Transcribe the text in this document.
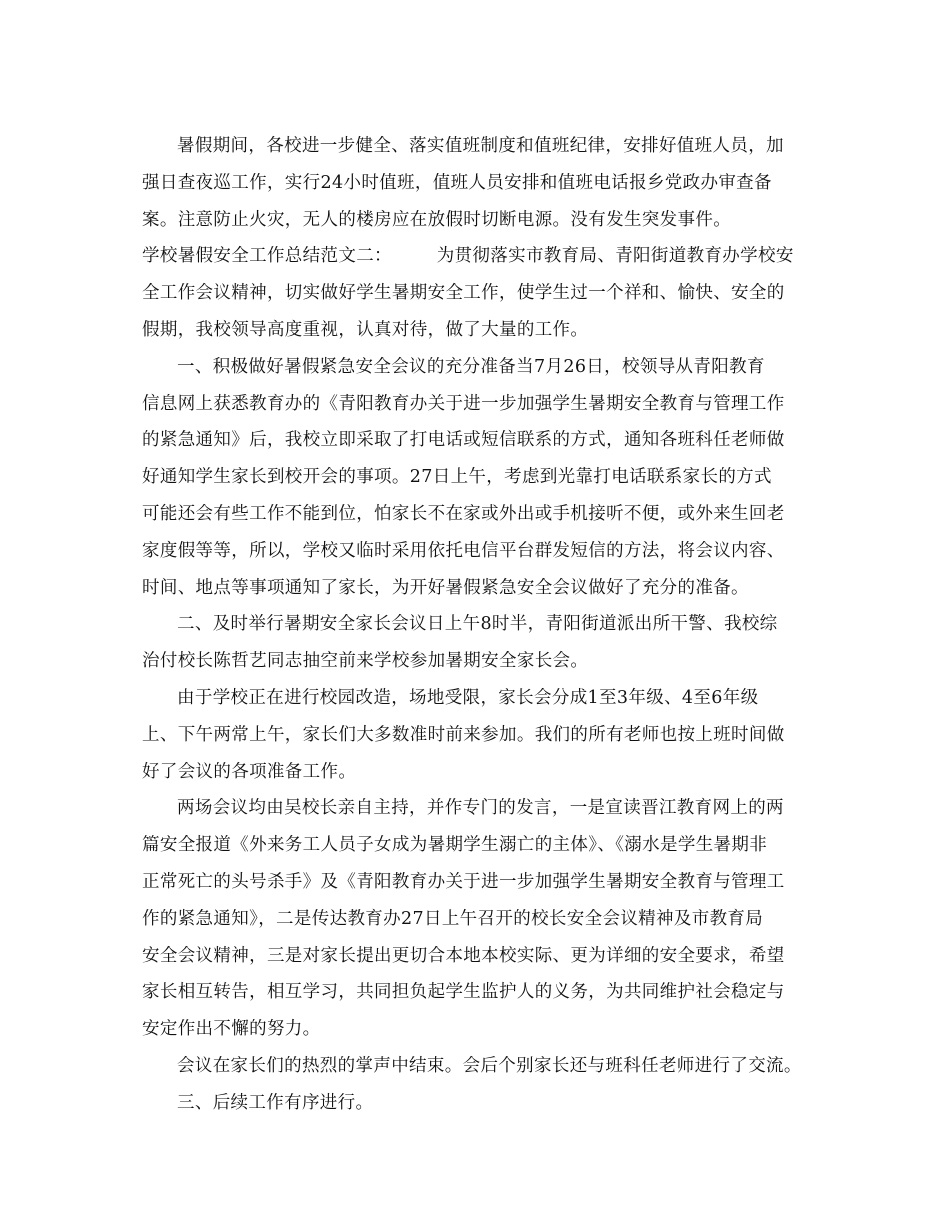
暑假期间，各校进一步健全、落实值班制度和值班纪律，安排好值班人员，加
强日查夜巡工作，实行24小时值班，值班人员安排和值班电话报乡党政办审查备
案。注意防止火灾，无人的楼房应在放假时切断电源。没有发生突发事件。
学校暑假安全工作总结范文二：　　　为贯彻落实市教育局、青阳街道教育办学校安
全工作会议精神，切实做好学生暑期安全工作，使学生过一个祥和、愉快、安全的
假期，我校领导高度重视，认真对待，做了大量的工作。
一、积极做好暑假紧急安全会议的充分准备当7月26日，校领导从青阳教育
信息网上获悉教育办的《青阳教育办关于进一步加强学生暑期安全教育与管理工作
的紧急通知》后，我校立即采取了打电话或短信联系的方式，通知各班科任老师做
好通知学生家长到校开会的事项。27日上午，考虑到光靠打电话联系家长的方式
可能还会有些工作不能到位，怕家长不在家或外出或手机接听不便，或外来生回老
家度假等等，所以，学校又临时采用依托电信平台群发短信的方法，将会议内容、
时间、地点等事项通知了家长，为开好暑假紧急安全会议做好了充分的准备。
二、及时举行暑期安全家长会议日上午8时半，青阳街道派出所干警、我校综
治付校长陈哲艺同志抽空前来学校参加暑期安全家长会。
由于学校正在进行校园改造，场地受限，家长会分成1至3年级、4至6年级
上、下午两常上午，家长们大多数准时前来参加。我们的所有老师也按上班时间做
好了会议的各项准备工作。
两场会议均由吴校长亲自主持，并作专门的发言，一是宣读晋江教育网上的两
篇安全报道《外来务工人员子女成为暑期学生溺亡的主体》、《溺水是学生暑期非
正常死亡的头号杀手》及《青阳教育办关于进一步加强学生暑期安全教育与管理工
作的紧急通知》，二是传达教育办27日上午召开的校长安全会议精神及市教育局
安全会议精神，三是对家长提出更切合本地本校实际、更为详细的安全要求，希望
家长相互转告，相互学习，共同担负起学生监护人的义务，为共同维护社会稳定与
安定作出不懈的努力。
会议在家长们的热烈的掌声中结束。会后个别家长还与班科任老师进行了交流。
三、后续工作有序进行。
